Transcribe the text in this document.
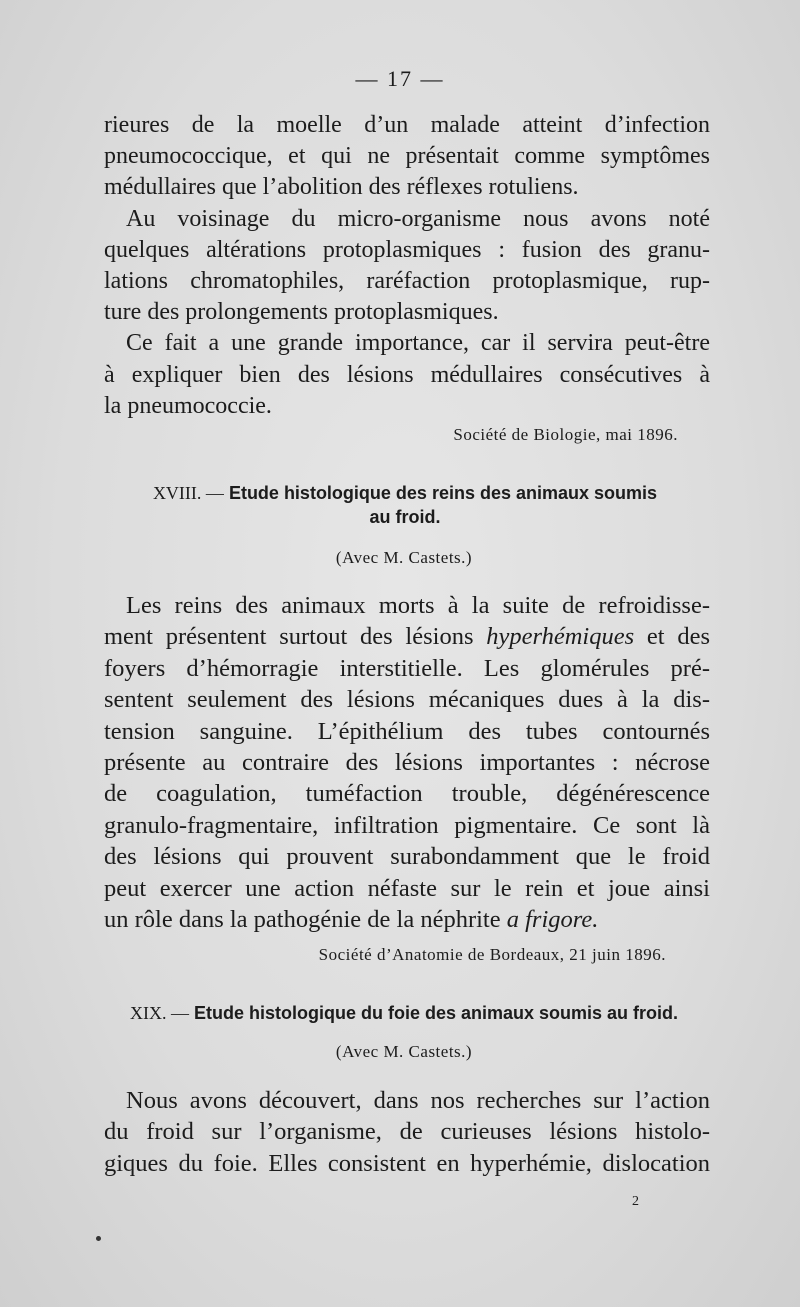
— 17 —

rieures de la moelle d’un malade atteint d’infection
pneumococcique, et qui ne présentait comme symptômes
médullaires que l’abolition des réflexes rotuliens.
Au voisinage du micro-organisme nous avons noté
quelques altérations protoplasmiques : fusion des granu-
lations chromatophiles, raréfaction protoplasmique, rup-
ture des prolongements protoplasmiques.
Ce fait a une grande importance, car il servira peut-être
à expliquer bien des lésions médullaires consécutives à
la pneumococcie.

Société de Biologie, mai 1896.
XVIII. — Etude histologique des reins des animaux soumis
au froid.
(Avec M. Castets.)

Les reins des animaux morts à la suite de refroidisse-
ment présentent surtout des lésions hyperhémiques et des
foyers d’hémorragie interstitielle. Les glomérules pré-
sentent seulement des lésions mécaniques dues à la dis-
tension sanguine. L’épithélium des tubes contournés
présente au contraire des lésions importantes : nécrose
de coagulation, tuméfaction trouble, dégénérescence
granulo-fragmentaire, infiltration pigmentaire. Ce sont là
des lésions qui prouvent surabondamment que le froid
peut exercer une action néfaste sur le rein et joue ainsi
un rôle dans la pathogénie de la néphrite a frigore.

Société d’Anatomie de Bordeaux, 21 juin 1896.
XIX. — Etude histologique du foie des animaux soumis au froid.
(Avec M. Castets.)

Nous avons découvert, dans nos recherches sur l’action
du froid sur l’organisme, de curieuses lésions histolo-
giques du foie. Elles consistent en hyperhémie, dislocation

2
